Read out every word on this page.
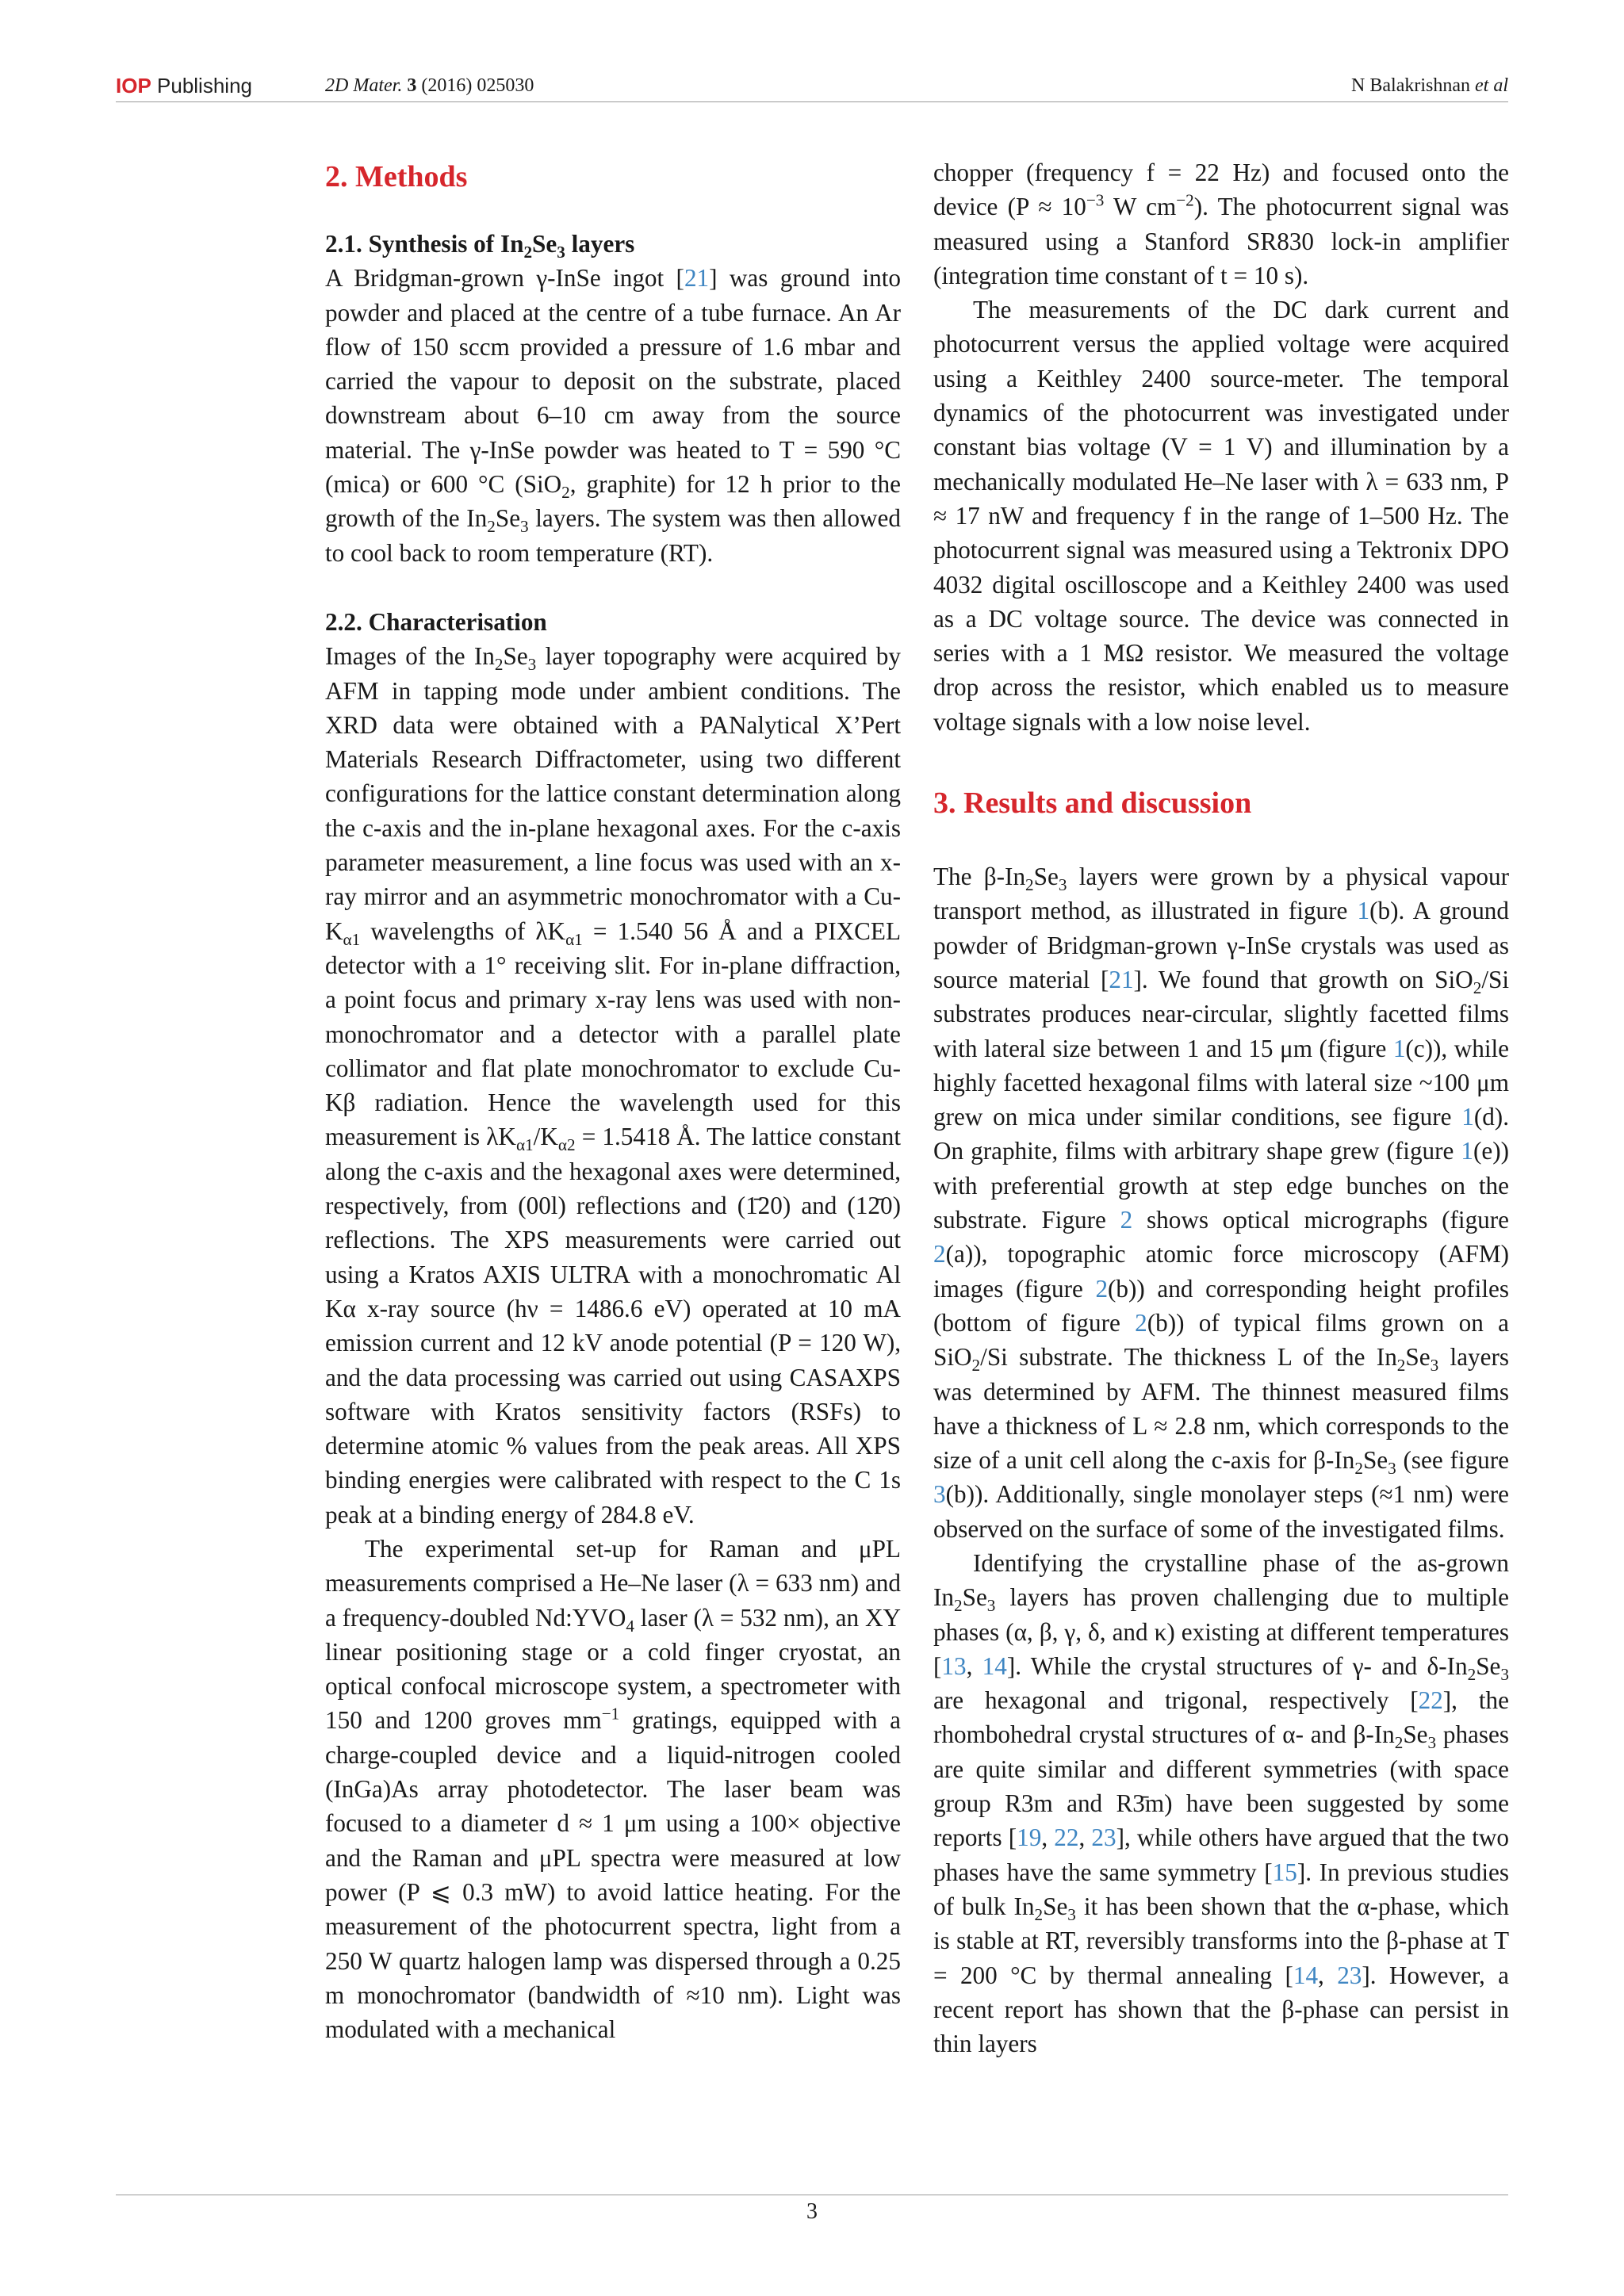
IOP Publishing	2D Mater. 3 (2016) 025030	N Balakrishnan et al
2. Methods
2.1. Synthesis of $In_2Se_3$ layers

A Bridgman-grown γ-InSe ingot [21] was ground into powder and placed at the centre of a tube furnace. An Ar flow of 150 sccm provided a pressure of 1.6 mbar and carried the vapour to deposit on the substrate, placed downstream about 6–10 cm away from the source material. The γ-InSe powder was heated to T = 590 °C (mica) or 600 °C (SiO$_2$, graphite) for 12 h prior to the growth of the $In_2Se_3$ layers. The system was then allowed to cool back to room temperature (RT).

2.2. Characterisation

Images of the $In_2Se_3$ layer topography were acquired by AFM in tapping mode under ambient conditions. The XRD data were obtained with a PANalytical X’Pert Materials Research Diffractometer, using two different configurations for the lattice constant determination along the c-axis and the in-plane hexagonal axes. For the c-axis parameter measurement, a line focus was used with an x-ray mirror and an asymmetric monochromator with a $Cu-K_{\alpha 1}$ wavelengths of $\lambda K_{\alpha 1} = 1.540$ 56 Å and a PIXCEL detector with a 1° receiving slit. For in-plane diffraction, a point focus and primary x-ray lens was used with non-monochromator and a detector with a parallel plate collimator and flat plate monochromator to exclude Cu-Kβ radiation. Hence the wavelength used for this measurement is $\lambda K_{\alpha 1}/K_{\alpha 2} = 1.5418$ Å. The lattice constant along the c-axis and the hexagonal axes were determined, respectively, from (00l) reflections and (1̄20) and (12̄0) reflections. The XPS measurements were carried out using a Kratos AXIS ULTRA with a monochromatic Al Kα x-ray source (hν = 1486.6 eV) operated at 10 mA emission current and 12 kV anode potential (P = 120 W), and the data processing was carried out using CASAXPS software with Kratos sensitivity factors (RSFs) to determine atomic % values from the peak areas. All XPS binding energies were calibrated with respect to the C 1s peak at a binding energy of 284.8 eV.

The experimental set-up for Raman and μPL measurements comprised a He–Ne laser (λ = 633 nm) and a frequency-doubled $Nd:YVO_4$ laser (λ = 532 nm), an XY linear positioning stage or a cold finger cryostat, an optical confocal microscope system, a spectrometer with 150 and 1200 groves $mm^{-1}$ gratings, equipped with a charge-coupled device and a liquid-nitrogen cooled (InGa)As array photodetector. The laser beam was focused to a diameter d ≈ 1 μm using a 100× objective and the Raman and μPL spectra were measured at low power (P ⩽ 0.3 mW) to avoid lattice heating. For the measurement of the photocurrent spectra, light from a 250 W quartz halogen lamp was dispersed through a 0.25 m monochromator (bandwidth of ≈10 nm). Light was modulated with a mechanical

chopper (frequency f = 22 Hz) and focused onto the device ($P \approx 10^{-3}$ W $cm^{-2}$). The photocurrent signal was measured using a Stanford SR830 lock-in amplifier (integration time constant of t = 10 s).

The measurements of the DC dark current and photocurrent versus the applied voltage were acquired using a Keithley 2400 source-meter. The temporal dynamics of the photocurrent was investigated under constant bias voltage (V = 1 V) and illumination by a mechanically modulated He–Ne laser with λ = 633 nm, P ≈ 17 nW and frequency f in the range of 1–500 Hz. The photocurrent signal was measured using a Tektronix DPO 4032 digital oscilloscope and a Keithley 2400 was used as a DC voltage source. The device was connected in series with a 1 MΩ resistor. We measured the voltage drop across the resistor, which enabled us to measure voltage signals with a low noise level.

3. Results and discussion

The $\beta-In_2Se_3$ layers were grown by a physical vapour transport method, as illustrated in figure 1(b). A ground powder of Bridgman-grown γ-InSe crystals was used as source material [21]. We found that growth on SiO$_2$/Si substrates produces near-circular, slightly facetted films with lateral size between 1 and 15 μm (figure 1(c)), while highly facetted hexagonal films with lateral size ~100 μm grew on mica under similar conditions, see figure 1(d). On graphite, films with arbitrary shape grew (figure 1(e)) with preferential growth at step edge bunches on the substrate. Figure 2 shows optical micrographs (figure 2(a)), topographic atomic force microscopy (AFM) images (figure 2(b)) and corresponding height profiles (bottom of figure 2(b)) of typical films grown on a SiO$_2$/Si substrate. The thickness L of the $In_2Se_3$ layers was determined by AFM. The thinnest measured films have a thickness of L ≈ 2.8 nm, which corresponds to the size of a unit cell along the c-axis for $\beta-In_2Se_3$ (see figure 3(b)). Additionally, single monolayer steps (≈1 nm) were observed on the surface of some of the investigated films.

Identifying the crystalline phase of the as-grown $In_2Se_3$ layers has proven challenging due to multiple phases (α, β, γ, δ, and κ) existing at different temperatures [13, 14]. While the crystal structures of γ- and $\delta-In_2Se_3$ are hexagonal and trigonal, respectively [22], the rhombohedral crystal structures of α- and $\beta-In_2Se_3$ phases are quite similar and different symmetries (with space group R3m and R3̄m) have been suggested by some reports [19, 22, 23], while others have argued that the two phases have the same symmetry [15]. In previous studies of bulk $In_2Se_3$ it has been shown that the α-phase, which is stable at RT, reversibly transforms into the β-phase at T = 200 °C by thermal annealing [14, 23]. However, a recent report has shown that the β-phase can persist in thin layers

3
